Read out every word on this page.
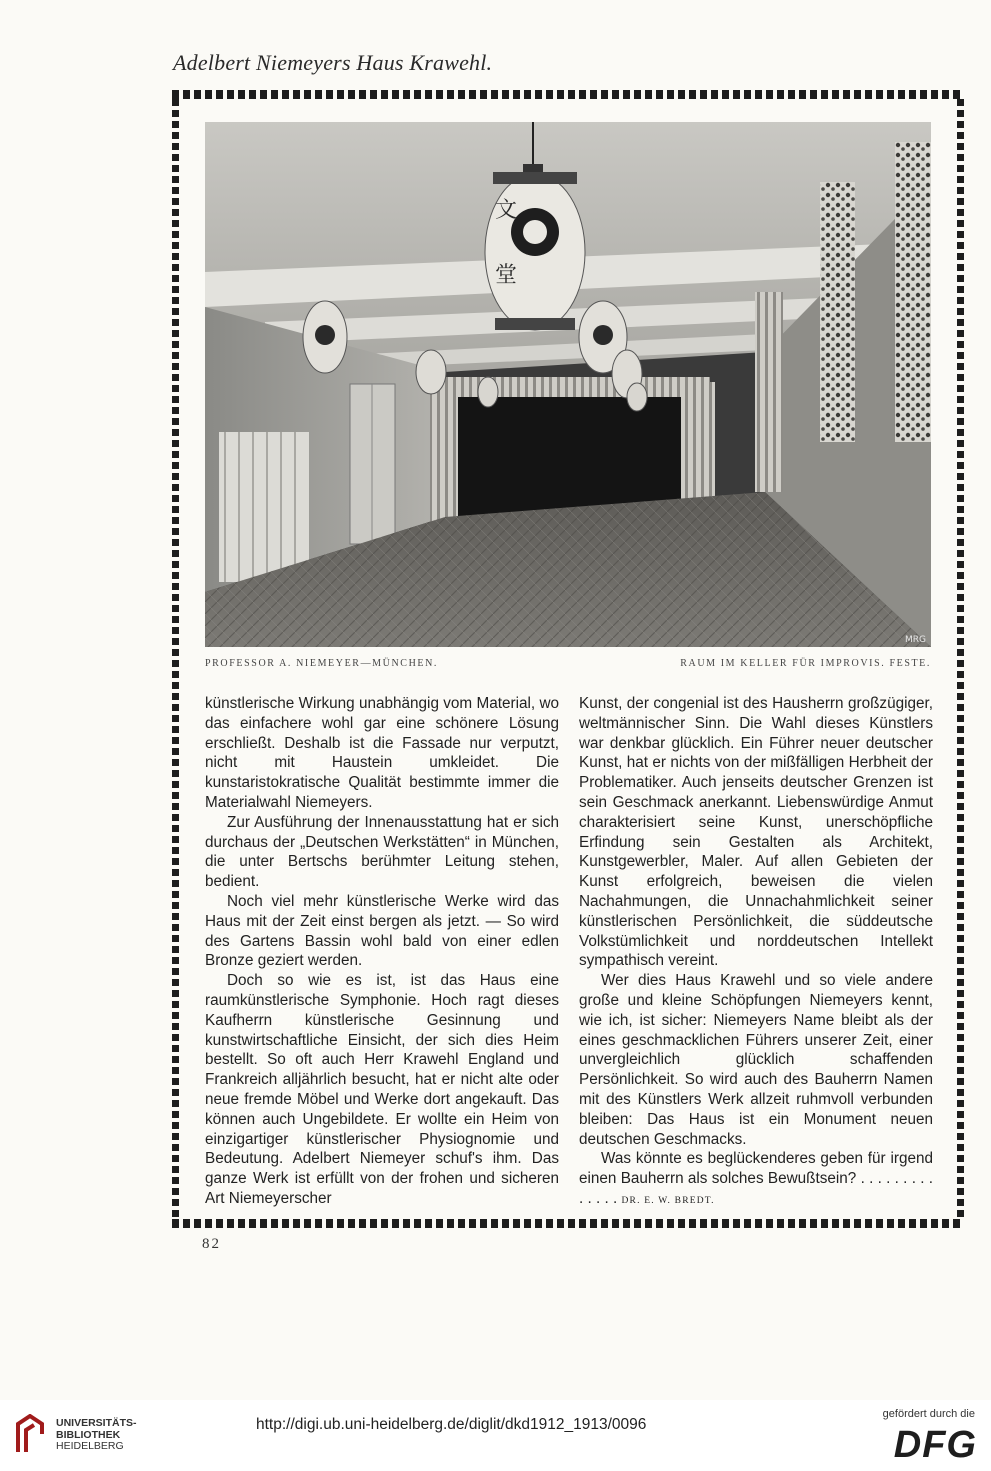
Adelbert Niemeyers Haus Krawehl.
文
堂
MRG
PROFESSOR A. NIEMEYER—MÜNCHEN.	RAUM IM KELLER FÜR IMPROVIS. FESTE.

künstlerische Wirkung unabhängig vom Material, wo das einfachere wohl gar eine schönere Lösung erschließt. Deshalb ist die Fassade nur verputzt, nicht mit Haustein umkleidet. Die kunstaristokratische Qualität bestimmte immer die Materialwahl Niemeyers.

Zur Ausführung der Innenausstattung hat er sich durchaus der „Deutschen Werkstätten“ in München, die unter Bertschs berühmter Leitung stehen, bedient.

Noch viel mehr künstlerische Werke wird das Haus mit der Zeit einst bergen als jetzt. — So wird des Gartens Bassin wohl bald von einer edlen Bronze geziert werden.

Doch so wie es ist, ist das Haus eine raumkünstlerische Symphonie. Hoch ragt dieses Kaufherrn künstlerische Gesinnung und kunstwirtschaftliche Einsicht, der sich dies Heim bestellt. So oft auch Herr Krawehl England und Frankreich alljährlich besucht, hat er nicht alte oder neue fremde Möbel und Werke dort angekauft. Das können auch Ungebildete. Er wollte ein Heim von einzigartiger künstlerischer Physiognomie und Bedeutung. Adelbert Niemeyer schuf's ihm. Das ganze Werk ist erfüllt von der frohen und sicheren Art Niemeyerscher

Kunst, der congenial ist des Hausherrn großzügiger, weltmännischer Sinn. Die Wahl dieses Künstlers war denkbar glücklich. Ein Führer neuer deutscher Kunst, hat er nichts von der mißfälligen Herbheit der Problematiker. Auch jenseits deutscher Grenzen ist sein Geschmack anerkannt. Liebenswürdige Anmut charakterisiert seine Kunst, unerschöpfliche Erfindung sein Gestalten als Architekt, Kunstgewerbler, Maler. Auf allen Gebieten der Kunst erfolgreich, beweisen die vielen Nachahmungen, die Unnachahmlichkeit seiner künstlerischen Persönlichkeit, die süddeutsche Volkstümlichkeit und norddeutschen Intellekt sympathisch vereint.

Wer dies Haus Krawehl und so viele andere große und kleine Schöpfungen Niemeyers kennt, wie ich, ist sicher: Niemeyers Name bleibt als der eines geschmacklichen Führers unserer Zeit, einer unvergleichlich glücklich schaffenden Persönlichkeit. So wird auch des Bauherrn Namen mit des Künstlers Werk allzeit ruhmvoll verbunden bleiben: Das Haus ist ein Monument neuen deutschen Geschmacks.

Was könnte es beglückenderes geben für irgend einen Bauherrn als solches Bewußtsein? . . . . . . . . . . . . . . DR. E. W. BREDT.

82
UNIVERSITÄTS-
BIBLIOTHEK
HEIDELBERG
http://digi.ub.uni-heidelberg.de/diglit/dkd1912_1913/0096
gefördert durch die
DFG
